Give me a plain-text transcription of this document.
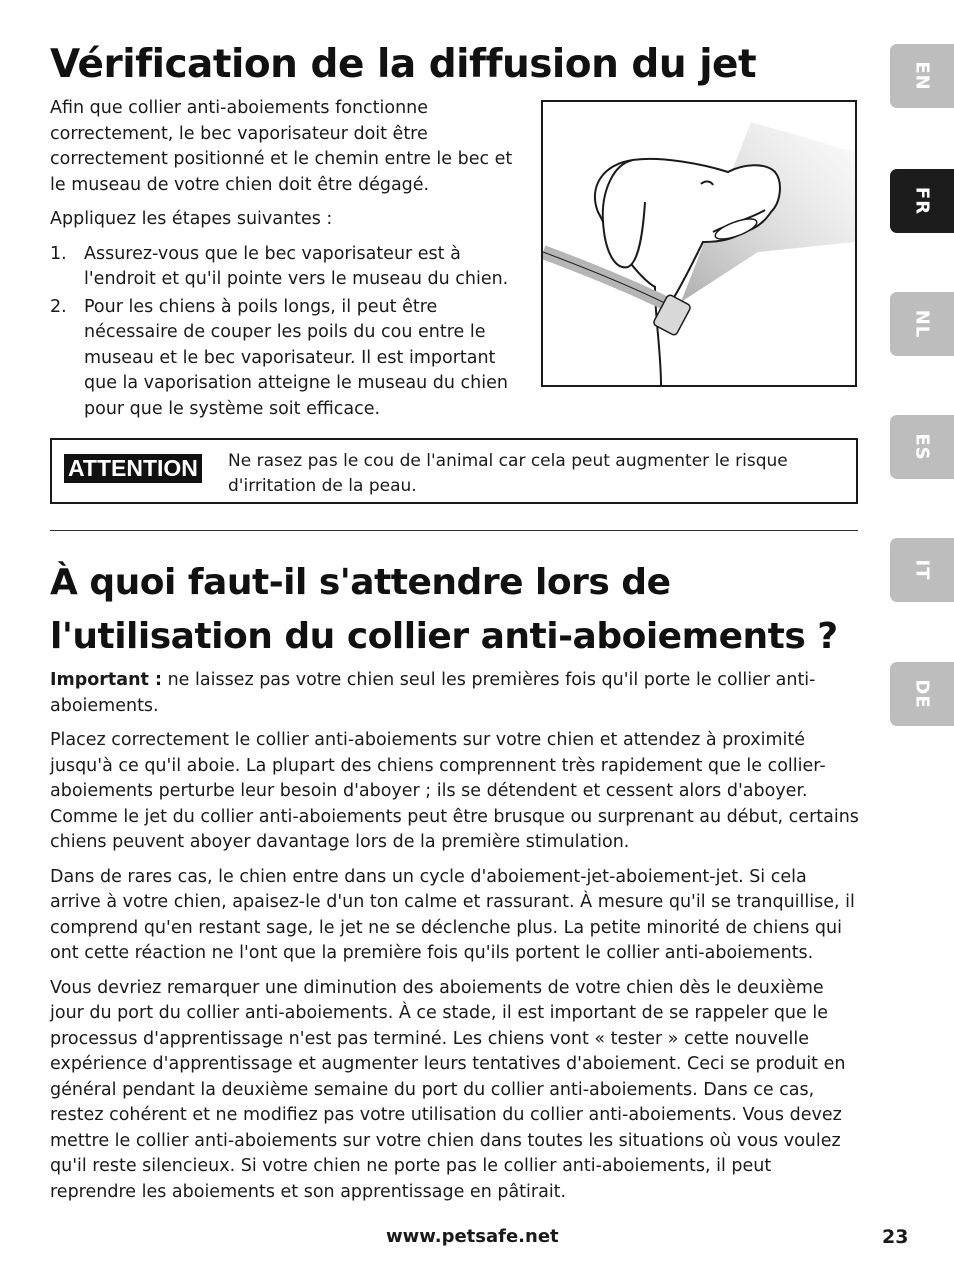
Vérification de la diffusion du jet

Afin que collier anti-aboiements fonctionne correctement, le bec vaporisateur doit être correctement positionné et le chemin entre le bec et le museau de votre chien doit être dégagé.

Appliquez les étapes suivantes :

1. Assurez-vous que le bec vaporisateur est à l'endroit et qu'il pointe vers le museau du chien.
2. Pour les chiens à poils longs, il peut être nécessaire de couper les poils du cou entre le museau et le bec vaporisateur. Il est important que la vaporisation atteigne le museau du chien pour que le système soit efficace.
ATTENTION Ne rasez pas le cou de l'animal car cela peut augmenter le risque d'irritation de la peau.
À quoi faut-il s'attendre lors de l'utilisation du collier anti-aboiements ?

Important : ne laissez pas votre chien seul les premières fois qu'il porte le collier anti-aboiements.

Placez correctement le collier anti-aboiements sur votre chien et attendez à proximité jusqu'à ce qu'il aboie. La plupart des chiens comprennent très rapidement que le collier-aboiements perturbe leur besoin d'aboyer ; ils se détendent et cessent alors d'aboyer. Comme le jet du collier anti-aboiements peut être brusque ou surprenant au début, certains chiens peuvent aboyer davantage lors de la première stimulation.

Dans de rares cas, le chien entre dans un cycle d'aboiement-jet-aboiement-jet. Si cela arrive à votre chien, apaisez-le d'un ton calme et rassurant. À mesure qu'il se tranquillise, il comprend qu'en restant sage, le jet ne se déclenche plus. La petite minorité de chiens qui ont cette réaction ne l'ont que la première fois qu'ils portent le collier anti-aboiements.

Vous devriez remarquer une diminution des aboiements de votre chien dès le deuxième jour du port du collier anti-aboiements. À ce stade, il est important de se rappeler que le processus d'apprentissage n'est pas terminé. Les chiens vont « tester » cette nouvelle expérience d'apprentissage et augmenter leurs tentatives d'aboiement. Ceci se produit en général pendant la deuxième semaine du port du collier anti-aboiements. Dans ce cas, restez cohérent et ne modifiez pas votre utilisation du collier anti-aboiements. Vous devez mettre le collier anti-aboiements sur votre chien dans toutes les situations où vous voulez qu'il reste silencieux. Si votre chien ne porte pas le collier anti-aboiements, il peut reprendre les aboiements et son apprentissage en pâtirait.

EN
FR
NL
ES
IT
DE
www.petsafe.net	23
